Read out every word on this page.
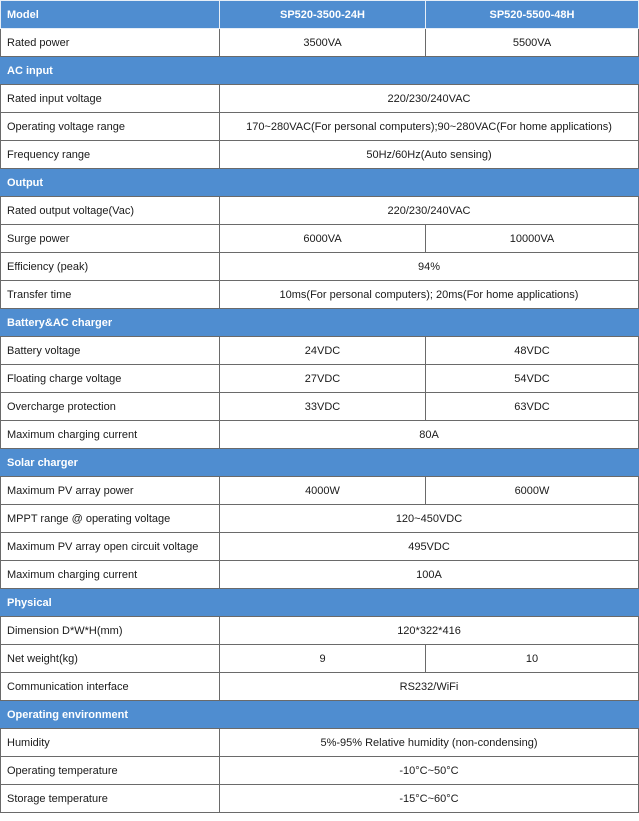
Model	SP520-3500-24H	SP520-5500-48H
Rated power	3500VA	5500VA
AC input		
Rated input voltage	220/230/240VAC	
Operating voltage range	170~280VAC(For personal computers);90~280VAC(For home applications)	
Frequency range	50Hz/60Hz(Auto sensing)	
Output		
Rated output voltage(Vac)	220/230/240VAC	
Surge power	6000VA	10000VA
Efficiency (peak)	94%	
Transfer time	10ms(For personal computers); 20ms(For home applications)	
Battery&AC charger		
Battery voltage	24VDC	48VDC
Floating charge voltage	27VDC	54VDC
Overcharge protection	33VDC	63VDC
Maximum charging current	80A	
Solar charger		
Maximum PV array power	4000W	6000W
MPPT range @ operating voltage	120~450VDC	
Maximum PV array open circuit voltage	495VDC	
Maximum charging current	100A	
Physical		
Dimension D*W*H(mm)	120*322*416	
Net weight(kg)	9	10
Communication interface	RS232/WiFi	
Operating environment		
Humidity	5%-95% Relative humidity (non-condensing)	
Operating temperature	-10°C~50°C	
Storage temperature	-15°C~60°C	
